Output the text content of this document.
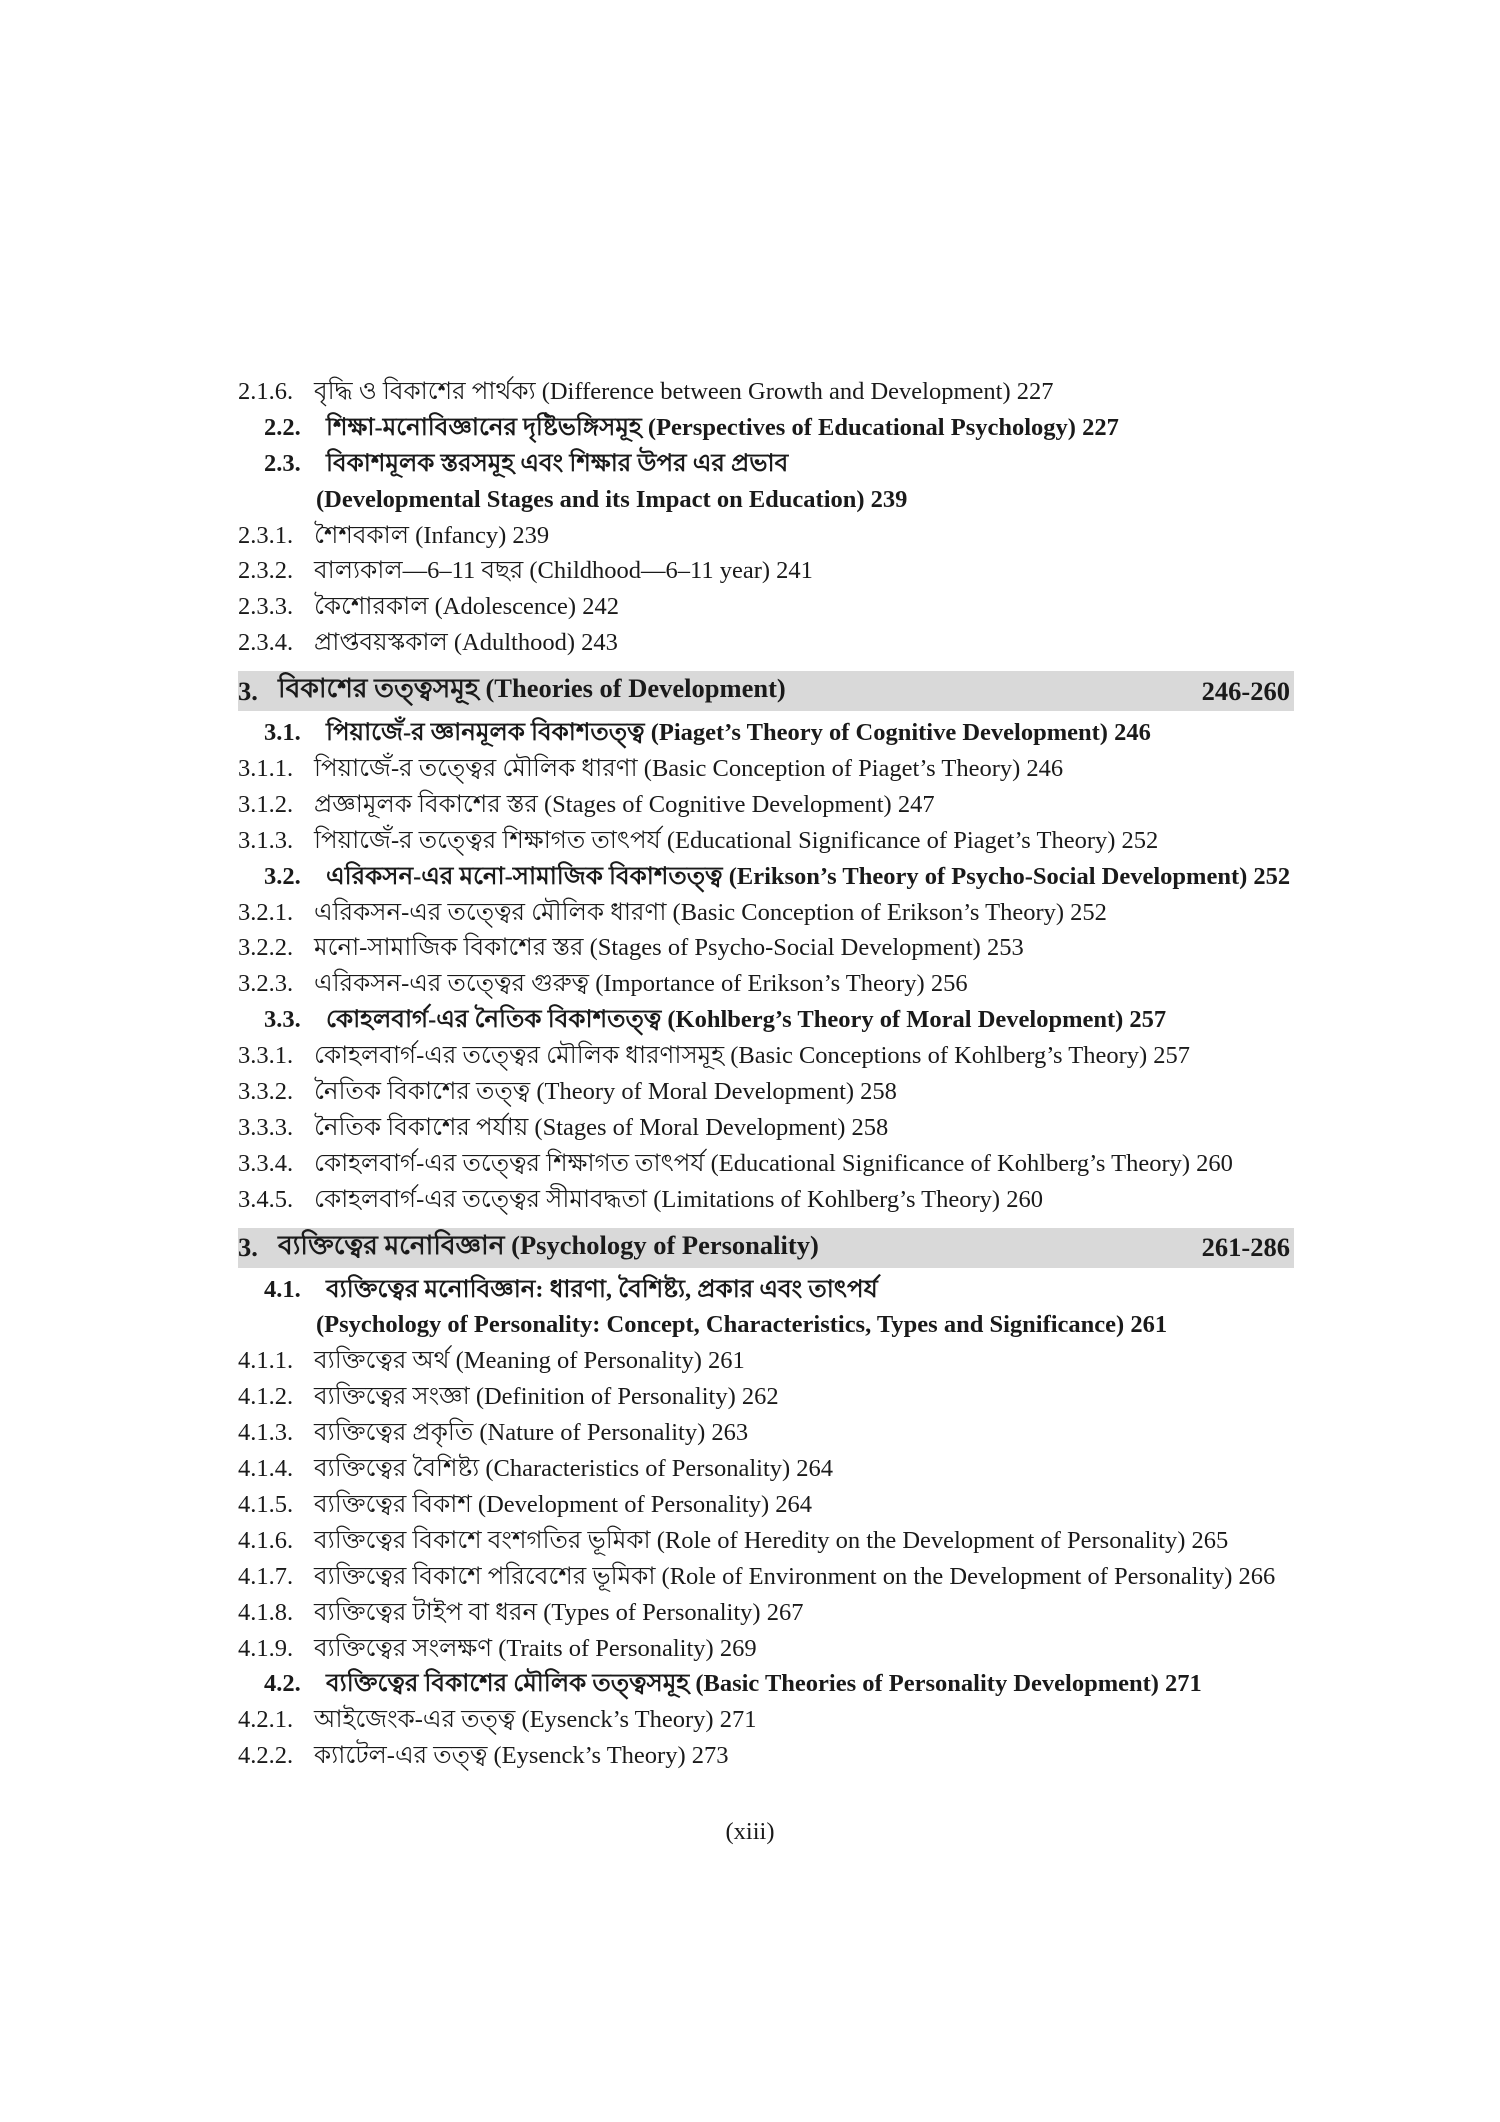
2.1.6. বৃদ্ধি ও বিকাশের পার্থক্য (Difference between Growth and Development) 227
2.2.	শিক্ষা-মনোবিজ্ঞানের দৃষ্টিভঙ্গিসমূহ (Perspectives of Educational Psychology) 227
2.3.	বিকাশমূলক স্তরসমূহ এবং শিক্ষার উপর এর প্রভাব
(Developmental Stages and its Impact on Education) 239
2.3.1. শৈশবকাল (Infancy) 239
2.3.2. বাল্যকাল—6–11 বছর (Childhood—6–11 year) 241
2.3.3. কৈশোরকাল (Adolescence) 242
2.3.4. প্রাপ্তবয়স্ককাল (Adulthood) 243
3. বিকাশের তত্ত্বসমূহ (Theories of Development)	246-260
3.1.	পিয়াজেঁ-র জ্ঞানমূলক বিকাশতত্ত্ব (Piaget’s Theory of Cognitive Development) 246
3.1.1. পিয়াজেঁ-র তত্ত্বের মৌলিক ধারণা (Basic Conception of Piaget’s Theory) 246
3.1.2. প্রজ্ঞামূলক বিকাশের স্তর (Stages of Cognitive Development) 247
3.1.3. পিয়াজেঁ-র তত্ত্বের শিক্ষাগত তাৎপর্য (Educational Significance of Piaget’s Theory) 252
3.2.	এরিকসন-এর মনো-সামাজিক বিকাশতত্ত্ব (Erikson’s Theory of Psycho-Social Development) 252
3.2.1. এরিকসন-এর তত্ত্বের মৌলিক ধারণা (Basic Conception of Erikson’s Theory) 252
3.2.2. মনো-সামাজিক বিকাশের স্তর (Stages of Psycho-Social Development) 253
3.2.3. এরিকসন-এর তত্ত্বের গুরুত্ব (Importance of Erikson’s Theory) 256
3.3.	কোহলবার্গ-এর নৈতিক বিকাশতত্ত্ব (Kohlberg’s Theory of Moral Development) 257
3.3.1. কোহলবার্গ-এর তত্ত্বের মৌলিক ধারণাসমূহ (Basic Conceptions of Kohlberg’s Theory) 257
3.3.2. নৈতিক বিকাশের তত্ত্ব (Theory of Moral Development) 258
3.3.3. নৈতিক বিকাশের পর্যায় (Stages of Moral Development) 258
3.3.4. কোহলবার্গ-এর তত্ত্বের শিক্ষাগত তাৎপর্য (Educational Significance of Kohlberg’s Theory) 260
3.4.5. কোহলবার্গ-এর তত্ত্বের সীমাবদ্ধতা (Limitations of Kohlberg’s Theory) 260
3. ব্যক্তিত্বের মনোবিজ্ঞান (Psychology of Personality)	261-286
4.1.	ব্যক্তিত্বের মনোবিজ্ঞান: ধারণা, বৈশিষ্ট্য, প্রকার এবং তাৎপর্য
(Psychology of Personality: Concept, Characteristics, Types and Significance) 261
4.1.1. ব্যক্তিত্বের অর্থ (Meaning of Personality) 261
4.1.2. ব্যক্তিত্বের সংজ্ঞা (Definition of Personality) 262
4.1.3. ব্যক্তিত্বের প্রকৃতি (Nature of Personality) 263
4.1.4. ব্যক্তিত্বের বৈশিষ্ট্য (Characteristics of Personality) 264
4.1.5. ব্যক্তিত্বের বিকাশ (Development of Personality) 264
4.1.6. ব্যক্তিত্বের বিকাশে বংশগতির ভূমিকা (Role of Heredity on the Development of Personality) 265
4.1.7. ব্যক্তিত্বের বিকাশে পরিবেশের ভূমিকা (Role of Environment on the Development of Personality) 266
4.1.8. ব্যক্তিত্বের টাইপ বা ধরন (Types of Personality) 267
4.1.9. ব্যক্তিত্বের সংলক্ষণ (Traits of Personality) 269
4.2.	ব্যক্তিত্বের বিকাশের মৌলিক তত্ত্বসমূহ (Basic Theories of Personality Development) 271
4.2.1. আইজেংক-এর তত্ত্ব (Eysenck’s Theory) 271
4.2.2. ক্যাটেল-এর তত্ত্ব (Eysenck’s Theory) 273
(xiii)
